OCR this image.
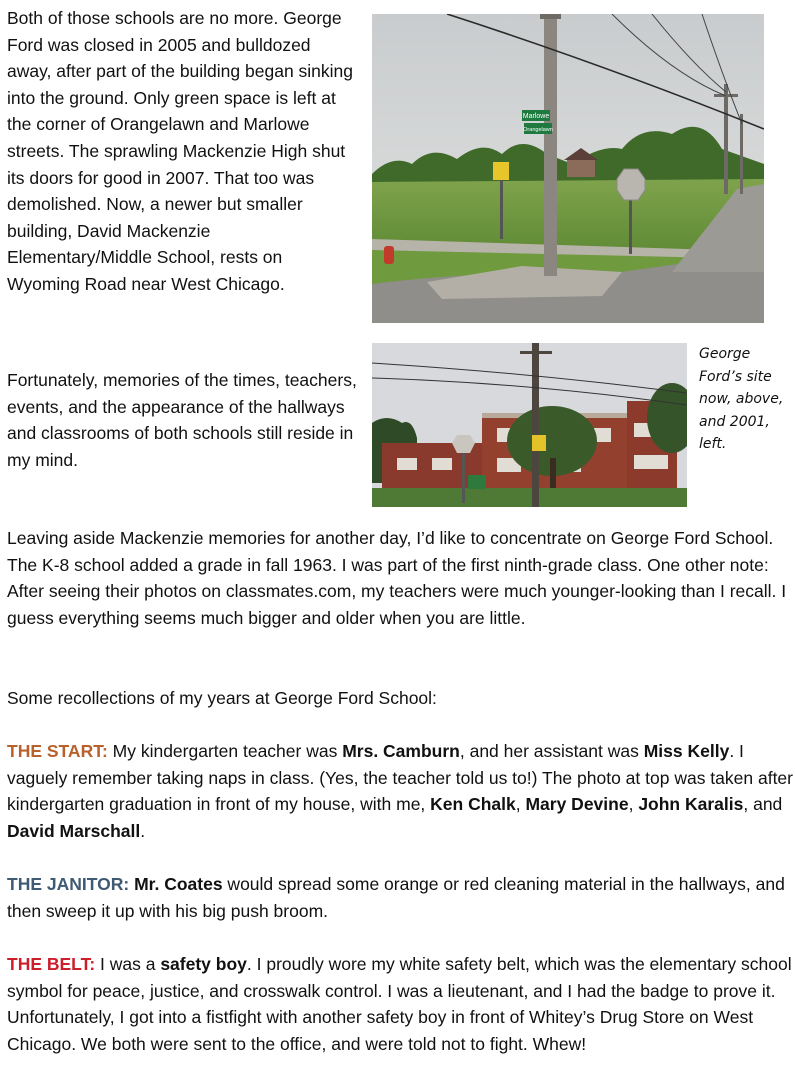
Both of those schools are no more. George Ford was closed in 2005 and bulldozed away, after part of the building began sinking into the ground. Only green space is left at the corner of Orangelawn and Marlowe streets. The sprawling Mackenzie High shut its doors for good in 2007. That too was demolished. Now, a newer but smaller building, David Mackenzie Elementary/Middle School, rests on Wyoming Road near West Chicago.

Marlowe
Orangelawn

Fortunately, memories of the times, teachers, events, and the appearance of the hallways and classrooms of both schools still reside in my mind.

George Ford’s site now, above, and 2001, left.

Leaving aside Mackenzie memories for another day, I’d like to concentrate on George Ford School. The K-8 school added a grade in fall 1963. I was part of the first ninth-grade class. One other note: After seeing their photos on classmates.com, my teachers were much younger-looking than I recall. I guess everything seems much bigger and older when you are little.

Some recollections of my years at George Ford School:

THE START: My kindergarten teacher was Mrs. Camburn, and her assistant was Miss Kelly. I vaguely remember taking naps in class. (Yes, the teacher told us to!) The photo at top was taken after kindergarten graduation in front of my house, with me, Ken Chalk, Mary Devine, John Karalis, and David Marschall.

THE JANITOR: Mr. Coates would spread some orange or red cleaning material in the hallways, and then sweep it up with his big push broom.

THE BELT: I was a safety boy. I proudly wore my white safety belt, which was the elementary school symbol for peace, justice, and crosswalk control. I was a lieutenant, and I had the badge to prove it. Unfortunately, I got into a fistfight with another safety boy in front of Whitey’s Drug Store on West Chicago. We both were sent to the office, and were told not to fight. Whew!
